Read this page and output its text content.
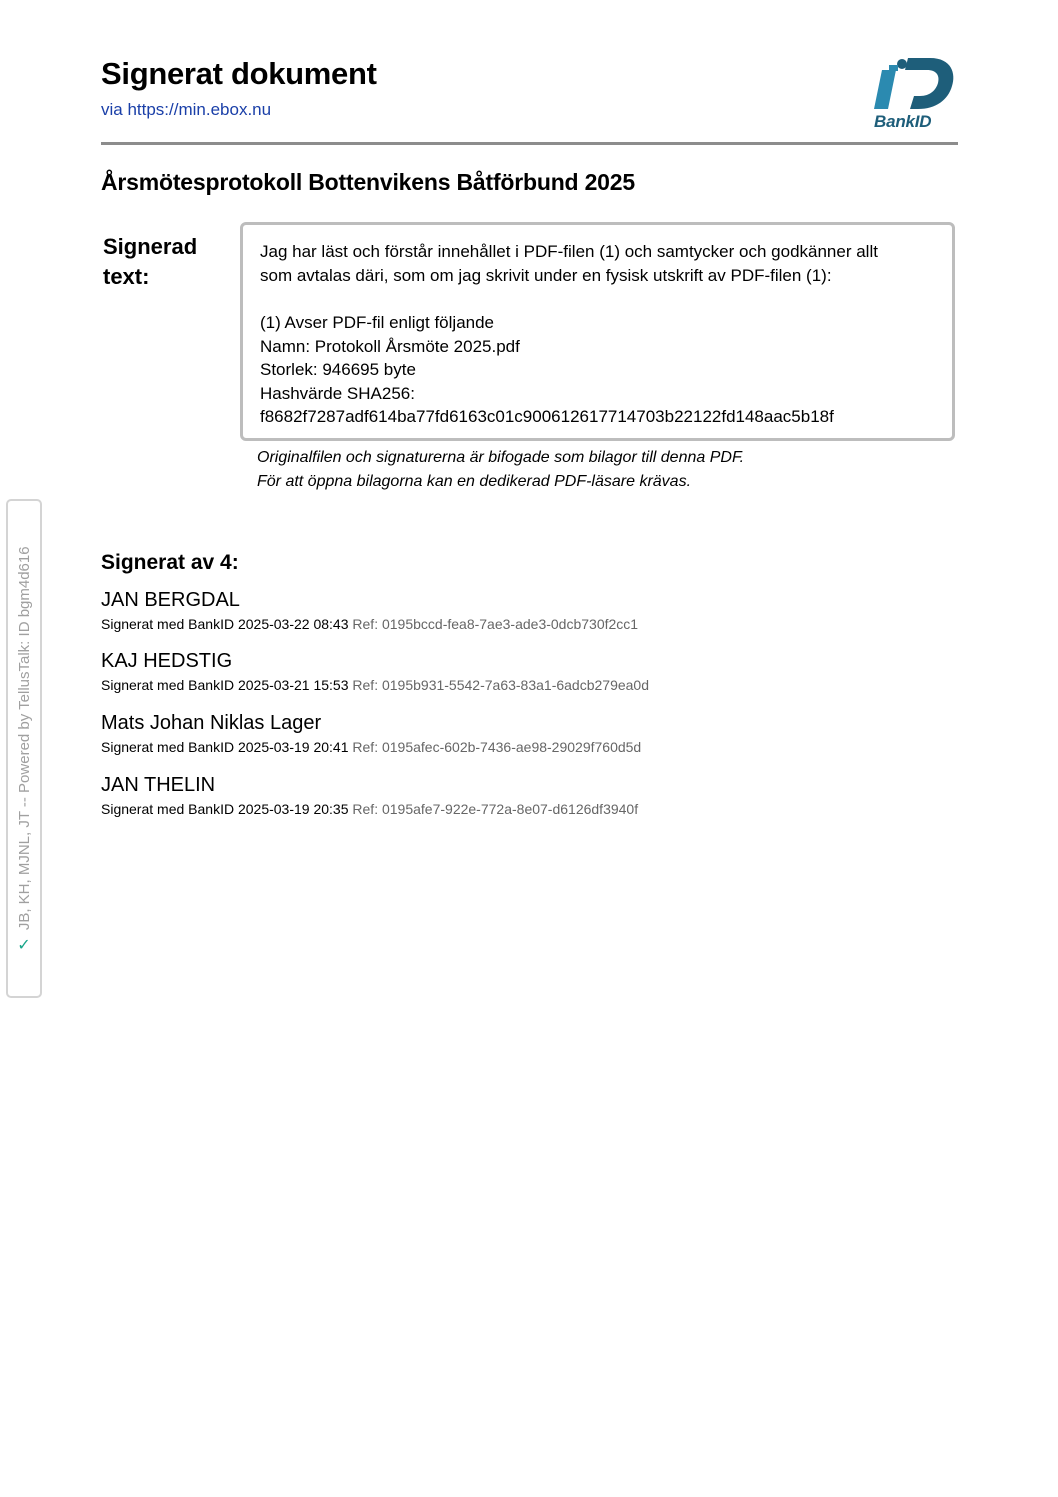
Signerat dokument
via https://min.ebox.nu
BankID
Årsmötesprotokoll Bottenvikens Båtförbund 2025
Signerad text:
Jag har läst och förstår innehållet i PDF-filen (1) och samtycker och godkänner allt
som avtalas däri, som om jag skrivit under en fysisk utskrift av PDF-filen (1):
(1) Avser PDF-fil enligt följande
Namn: Protokoll Årsmöte 2025.pdf
Storlek: 946695 byte
Hashvärde SHA256:
f8682f7287adf614ba77fd6163c01c900612617714703b22122fd148aac5b18f
Originalfilen och signaturerna är bifogade som bilagor till denna PDF.
För att öppna bilagorna kan en dedikerad PDF-läsare krävas.
Signerat av 4:
JAN BERGDAL
Signerat med BankID 2025-03-22 08:43 Ref: 0195bccd-fea8-7ae3-ade3-0dcb730f2cc1
KAJ HEDSTIG
Signerat med BankID 2025-03-21 15:53 Ref: 0195b931-5542-7a63-83a1-6adcb279ea0d
Mats Johan Niklas Lager
Signerat med BankID 2025-03-19 20:41 Ref: 0195afec-602b-7436-ae98-29029f760d5d
JAN THELIN
Signerat med BankID 2025-03-19 20:35 Ref: 0195afe7-922e-772a-8e07-d6126df3940f
✓
JB, KH, MJNL, JT -- Powered by TellusTalk: ID bgm4d616
